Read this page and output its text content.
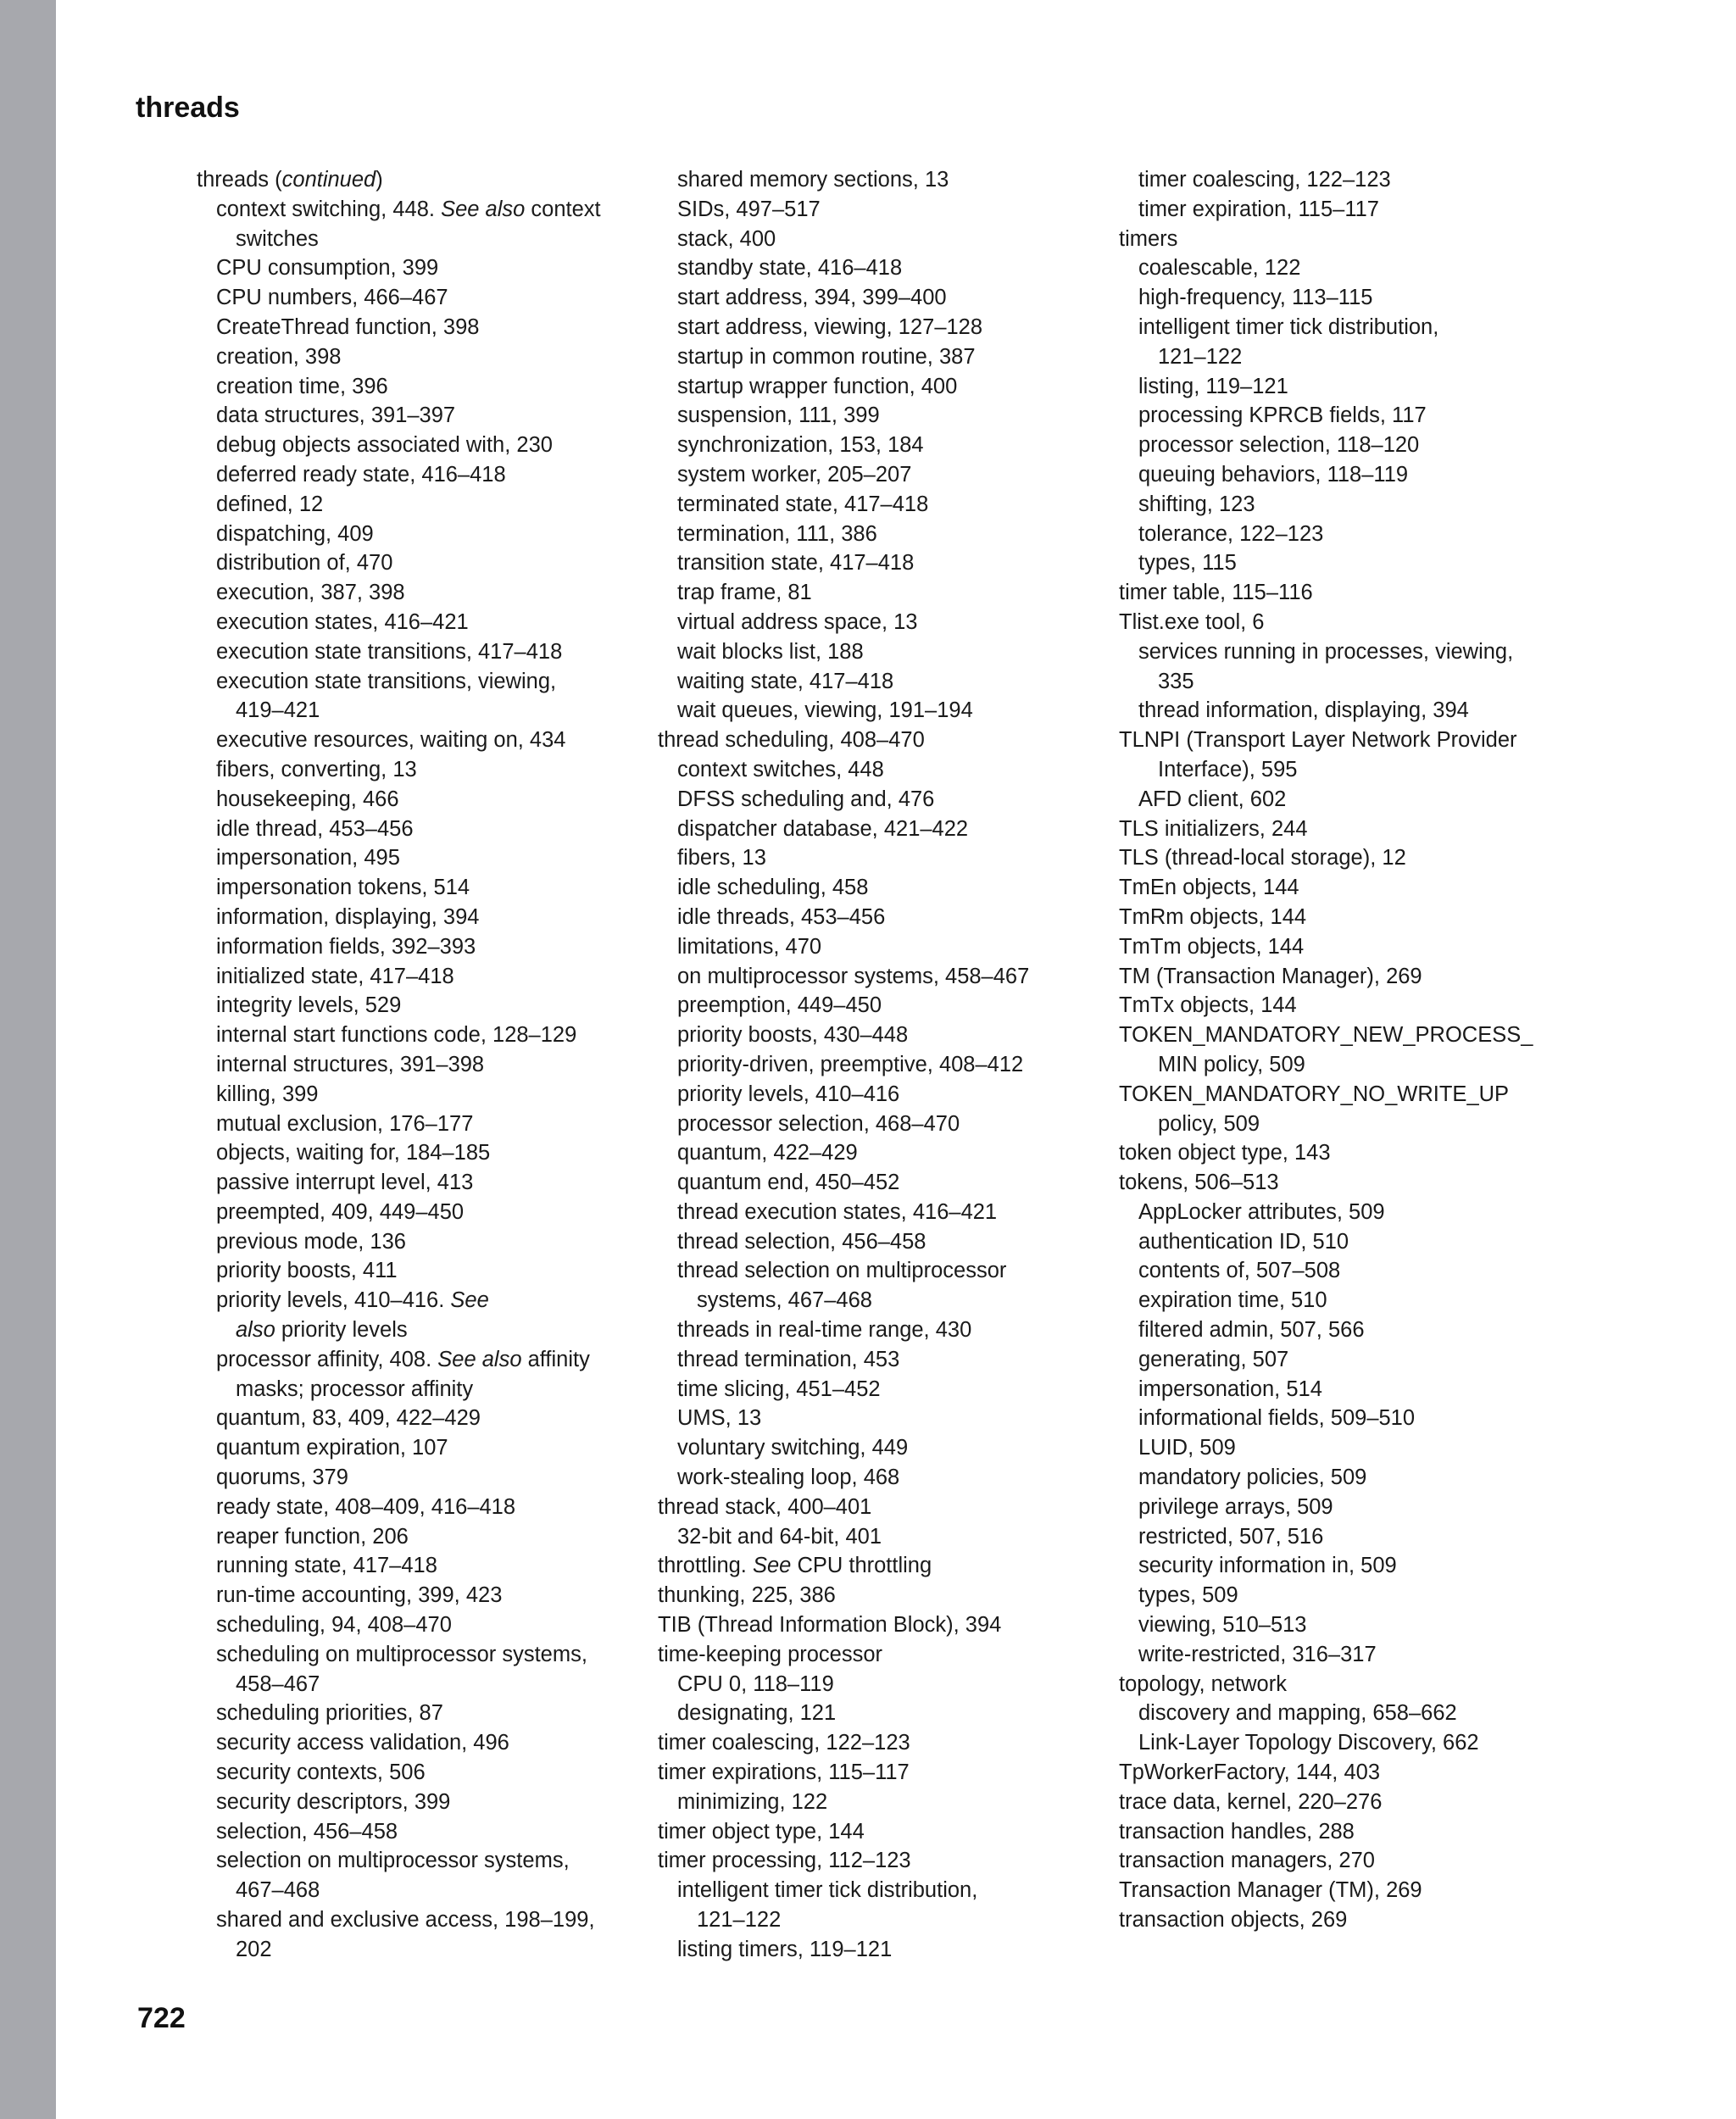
threads
threads (continued)
context switching, 448. See also context
switches
CPU consumption, 399
CPU numbers, 466–467
CreateThread function, 398
creation, 398
creation time, 396
data structures, 391–397
debug objects associated with, 230
deferred ready state, 416–418
defined, 12
dispatching, 409
distribution of, 470
execution, 387, 398
execution states, 416–421
execution state transitions, 417–418
execution state transitions, viewing,
419–421
executive resources, waiting on, 434
fibers, converting, 13
housekeeping, 466
idle thread, 453–456
impersonation, 495
impersonation tokens, 514
information, displaying, 394
information fields, 392–393
initialized state, 417–418
integrity levels, 529
internal start functions code, 128–129
internal structures, 391–398
killing, 399
mutual exclusion, 176–177
objects, waiting for, 184–185
passive interrupt level, 413
preempted, 409, 449–450
previous mode, 136
priority boosts, 411
priority levels, 410–416. See
also priority levels
processor affinity, 408. See also affinity
masks; processor affinity
quantum, 83, 409, 422–429
quantum expiration, 107
quorums, 379
ready state, 408–409, 416–418
reaper function, 206
running state, 417–418
run-time accounting, 399, 423
scheduling, 94, 408–470
scheduling on multiprocessor systems,
458–467
scheduling priorities, 87
security access validation, 496
security contexts, 506
security descriptors, 399
selection, 456–458
selection on multiprocessor systems,
467–468
shared and exclusive access, 198–199,
202
shared memory sections, 13
SIDs, 497–517
stack, 400
standby state, 416–418
start address, 394, 399–400
start address, viewing, 127–128
startup in common routine, 387
startup wrapper function, 400
suspension, 111, 399
synchronization, 153, 184
system worker, 205–207
terminated state, 417–418
termination, 111, 386
transition state, 417–418
trap frame, 81
virtual address space, 13
wait blocks list, 188
waiting state, 417–418
wait queues, viewing, 191–194
thread scheduling, 408–470
context switches, 448
DFSS scheduling and, 476
dispatcher database, 421–422
fibers, 13
idle scheduling, 458
idle threads, 453–456
limitations, 470
on multiprocessor systems, 458–467
preemption, 449–450
priority boosts, 430–448
priority-driven, preemptive, 408–412
priority levels, 410–416
processor selection, 468–470
quantum, 422–429
quantum end, 450–452
thread execution states, 416–421
thread selection, 456–458
thread selection on multiprocessor
systems, 467–468
threads in real-time range, 430
thread termination, 453
time slicing, 451–452
UMS, 13
voluntary switching, 449
work-stealing loop, 468
thread stack, 400–401
32-bit and 64-bit, 401
throttling. See CPU throttling
thunking, 225, 386
TIB (Thread Information Block), 394
time-keeping processor
CPU 0, 118–119
designating, 121
timer coalescing, 122–123
timer expirations, 115–117
minimizing, 122
timer object type, 144
timer processing, 112–123
intelligent timer tick distribution,
121–122
listing timers, 119–121
timer coalescing, 122–123
timer expiration, 115–117
timers
coalescable, 122
high-frequency, 113–115
intelligent timer tick distribution,
121–122
listing, 119–121
processing KPRCB fields, 117
processor selection, 118–120
queuing behaviors, 118–119
shifting, 123
tolerance, 122–123
types, 115
timer table, 115–116
Tlist.exe tool, 6
services running in processes, viewing,
335
thread information, displaying, 394
TLNPI (Transport Layer Network Provider
Interface), 595
AFD client, 602
TLS initializers, 244
TLS (thread-local storage), 12
TmEn objects, 144
TmRm objects, 144
TmTm objects, 144
TM (Transaction Manager), 269
TmTx objects, 144
TOKEN_MANDATORY_NEW_PROCESS_
MIN policy, 509
TOKEN_MANDATORY_NO_WRITE_UP
policy, 509
token object type, 143
tokens, 506–513
AppLocker attributes, 509
authentication ID, 510
contents of, 507–508
expiration time, 510
filtered admin, 507, 566
generating, 507
impersonation, 514
informational fields, 509–510
LUID, 509
mandatory policies, 509
privilege arrays, 509
restricted, 507, 516
security information in, 509
types, 509
viewing, 510–513
write-restricted, 316–317
topology, network
discovery and mapping, 658–662
Link-Layer Topology Discovery, 662
TpWorkerFactory, 144, 403
trace data, kernel, 220–276
transaction handles, 288
transaction managers, 270
Transaction Manager (TM), 269
transaction objects, 269
722
